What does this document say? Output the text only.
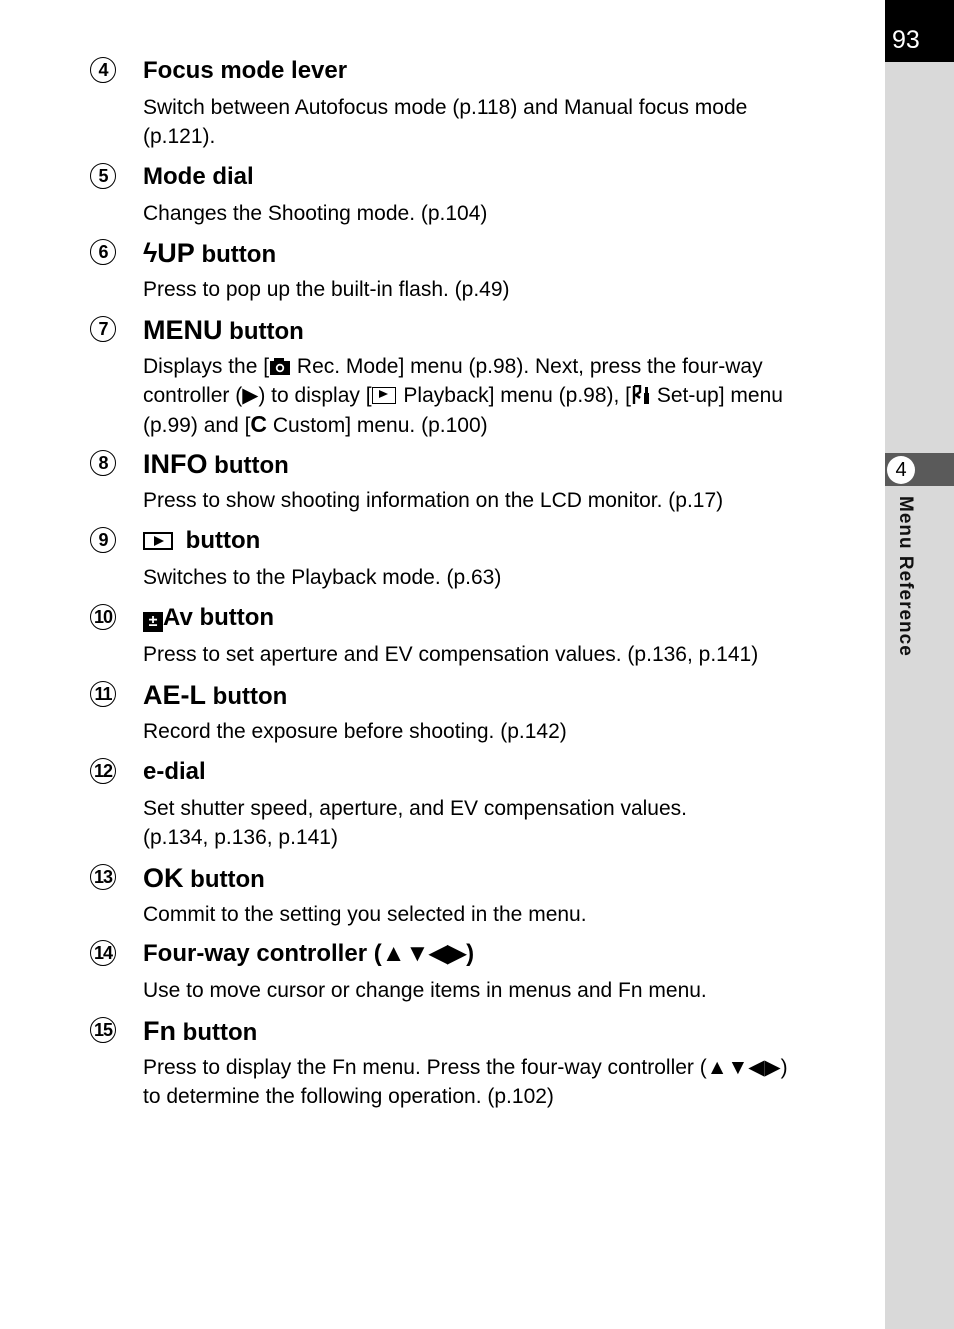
93
4
Menu Reference
4	Focus mode lever

Switch between Autofocus mode (p.118) and Manual focus mode

(p.121).

5	Mode dial

Changes the Shooting mode. (p.104)

6	ϟUP button

Press to pop up the built-in flash. (p.49)

7	MENU button

Displays the [ Rec. Mode] menu (p.98). Next, press the four-way

controller (▶) to display [ Playback] menu (p.98), [ Set-up] menu

(p.99) and [C Custom] menu. (p.100)

8	INFO button

Press to show shooting information on the LCD monitor. (p.17)

9	button

Switches to the Playback mode. (p.63)

10	± Av button

Press to set aperture and EV compensation values. (p.136, p.141)

11 AE-L button

Record the exposure before shooting. (p.142)

12 e-dial

Set shutter speed, aperture, and EV compensation values.

(p.134, p.136, p.141)

13 OK button

Commit to the setting you selected in the menu.

14 Four-way controller (▲▼◀▶)

Use to move cursor or change items in menus and Fn menu.

15 Fn button

Press to display the Fn menu. Press the four-way controller (▲▼◀▶)

to determine the following operation. (p.102)
